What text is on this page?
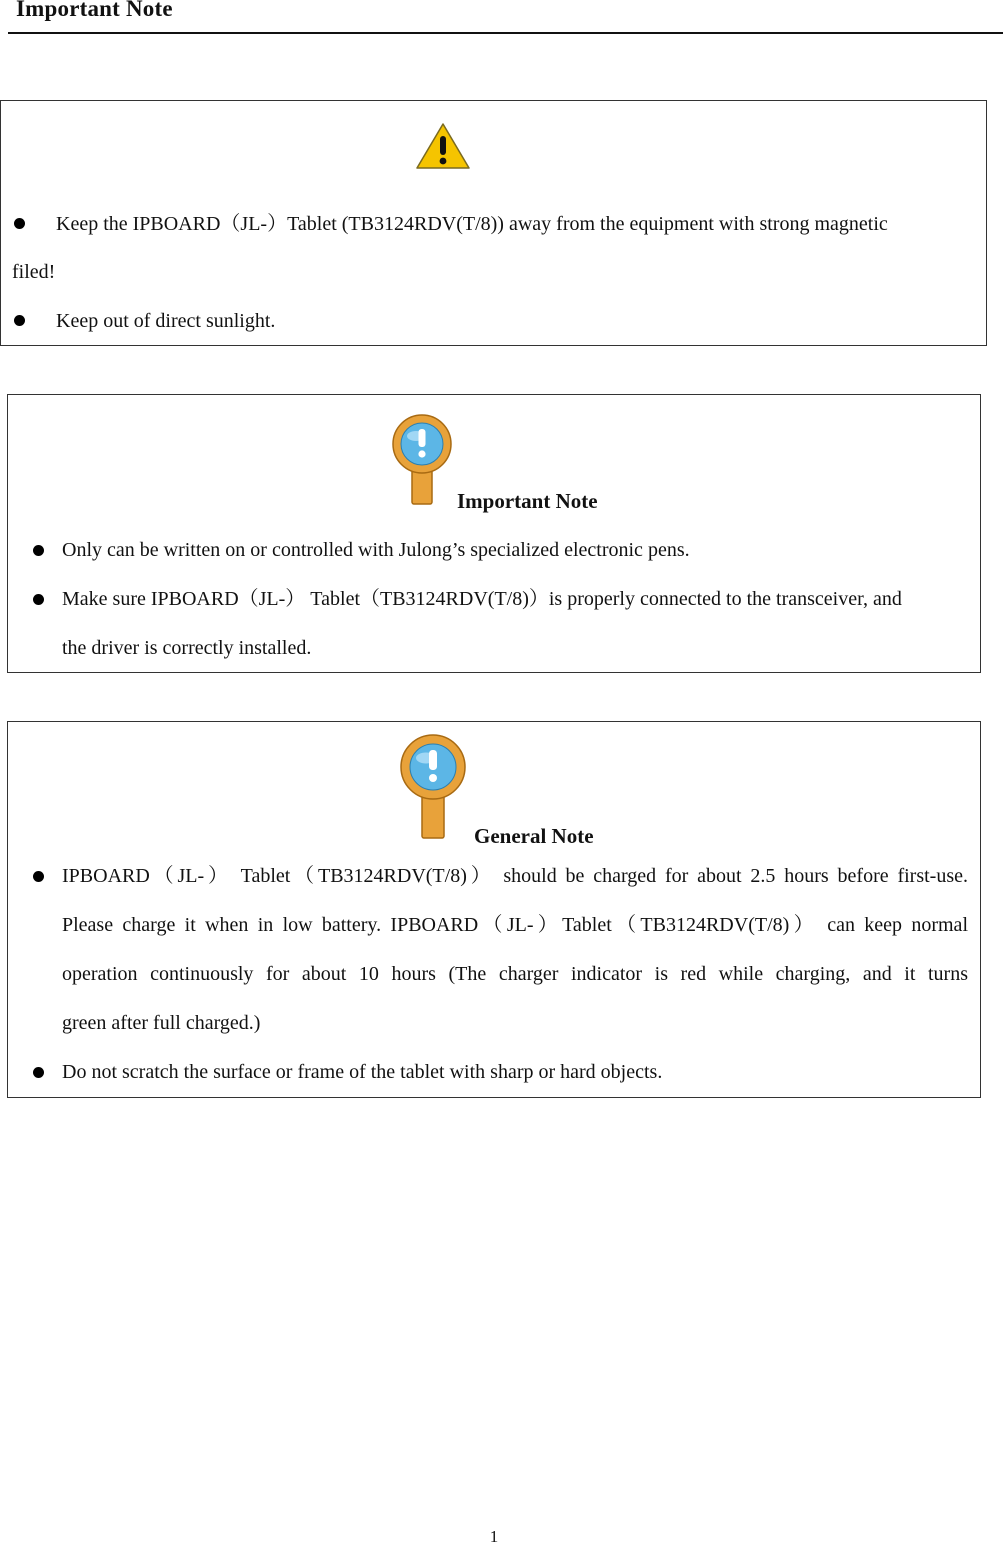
Important Note
Keep the IPBOARD（JL-）Tablet (TB3124RDV(T/8)) away from the equipment with strong magnetic
filed!
Keep out of direct sunlight.
Important Note
Only can be written on or controlled with Julong’s specialized electronic pens.
Make sure IPBOARD（JL-） Tablet（TB3124RDV(T/8)）is properly connected to the transceiver, and
the driver is correctly installed.
General Note
IPBOARD（JL-） Tablet（TB3124RDV(T/8)） should be charged for about 2.5 hours before first-use.
Please charge it when in low battery. IPBOARD（JL-）Tablet（TB3124RDV(T/8)） can keep normal
operation continuously for about 10 hours (The charger indicator is red while charging, and it turns
green after full charged.)
Do not scratch the surface or frame of the tablet with sharp or hard objects.
1
